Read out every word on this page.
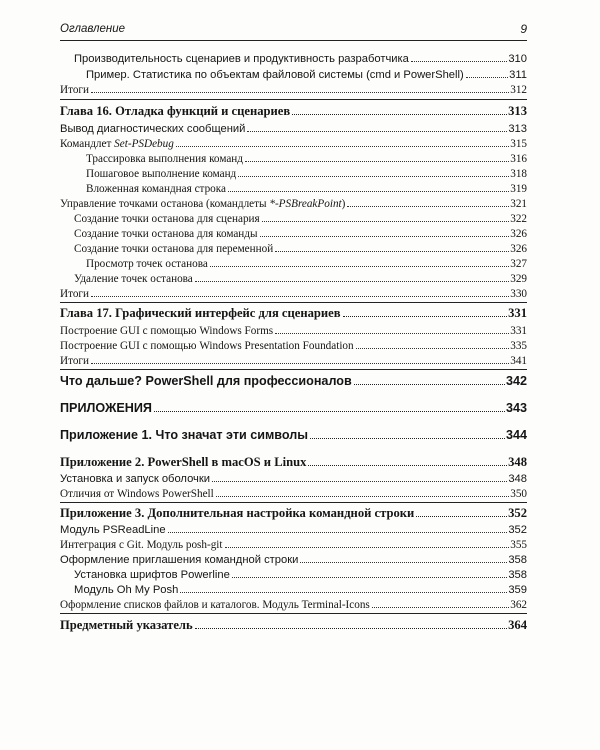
Оглавление	9
Производительность сценариев и продуктивность разработчика	310
Пример. Статистика по объектам файловой системы (cmd и PowerShell)	311
Итоги	312
Глава 16. Отладка функций и сценариев	313
Вывод диагностических сообщений	313
Командлет Set-PSDebug	315
Трассировка выполнения команд	316
Пошаговое выполнение команд	318
Вложенная командная строка	319
Управление точками останова (командлеты *-PSBreakPoint)	321
Создание точки останова для сценария	322
Создание точки останова для команды	326
Создание точки останова для переменной	326
Просмотр точек останова	327
Удаление точек останова	329
Итоги	330
Глава 17. Графический интерфейс для сценариев	331
Построение GUI с помощью Windows Forms	331
Построение GUI с помощью Windows Presentation Foundation	335
Итоги	341
Что дальше? PowerShell для профессионалов	342
ПРИЛОЖЕНИЯ	343
Приложение 1. Что значат эти символы	344
Приложение 2. PowerShell в macOS и Linux	348
Установка и запуск оболочки	348
Отличия от Windows PowerShell	350
Приложение 3. Дополнительная настройка командной строки	352
Модуль PSReadLine	352
Интеграция с Git. Модуль posh-git	355
Оформление приглашения командной строки	358
Установка шрифтов Powerline	358
Модуль Oh My Posh	359
Оформление списков файлов и каталогов. Модуль Terminal-Icons	362
Предметный указатель	364
